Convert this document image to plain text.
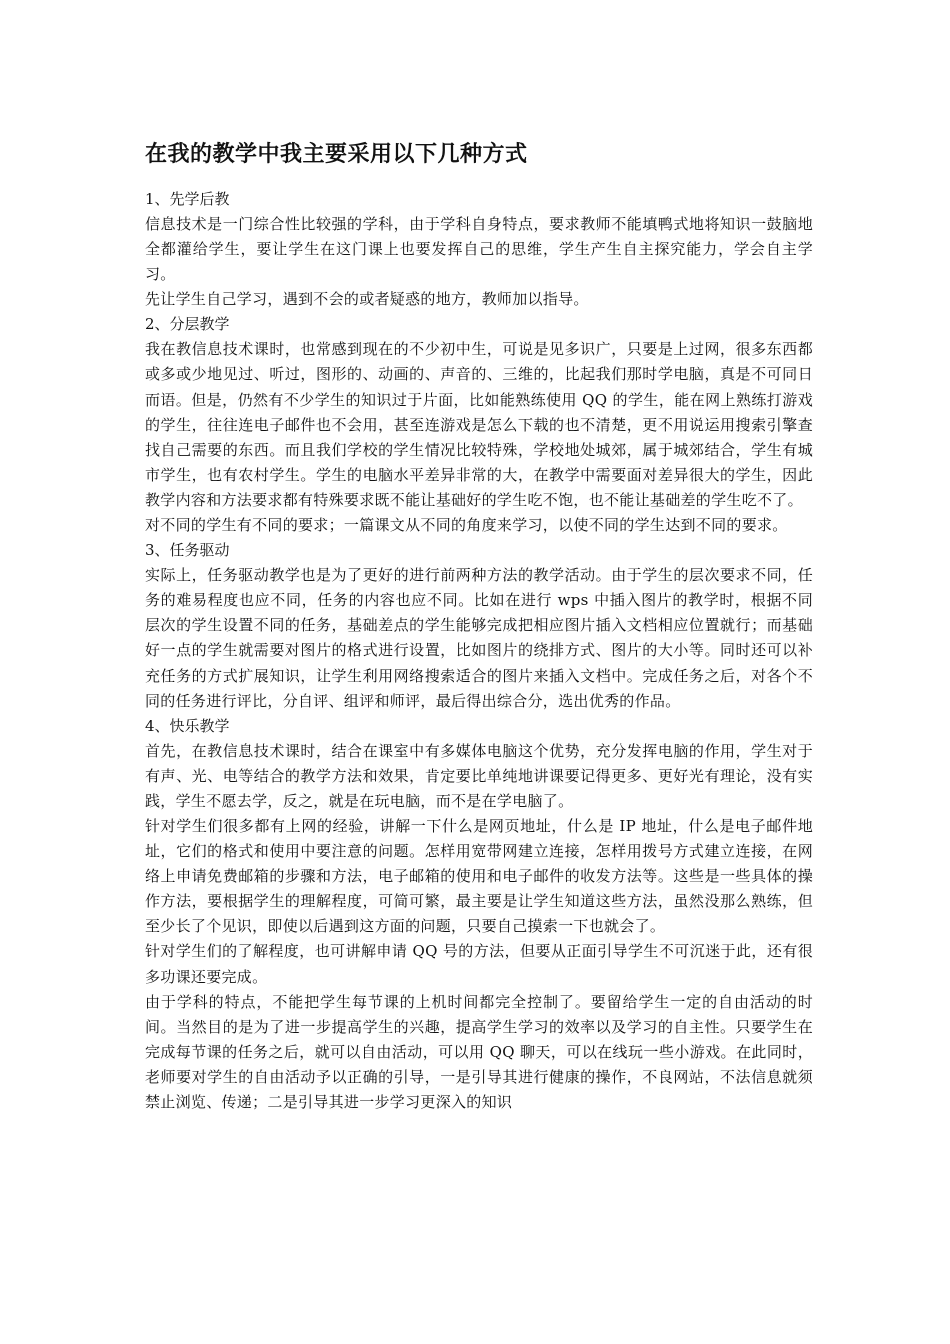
在我的教学中我主要采用以下几种方式

1、先学后教

信息技术是一门综合性比较强的学科，由于学科自身特点，要求教师不能填鸭式地将知识一鼓脑地全都灌给学生，要让学生在这门课上也要发挥自己的思维，学生产生自主探究能力，学会自主学习。

先让学生自己学习，遇到不会的或者疑惑的地方，教师加以指导。

2、分层教学

我在教信息技术课时，也常感到现在的不少初中生，可说是见多识广，只要是上过网，很多东西都或多或少地见过、听过，图形的、动画的、声音的、三维的，比起我们那时学电脑，真是不可同日而语。但是，仍然有不少学生的知识过于片面，比如能熟练使用 QQ 的学生，能在网上熟练打游戏的学生，往往连电子邮件也不会用，甚至连游戏是怎么下载的也不清楚，更不用说运用搜索引擎查找自己需要的东西。而且我们学校的学生情况比较特殊，学校地处城郊，属于城郊结合，学生有城市学生，也有农村学生。学生的电脑水平差异非常的大，在教学中需要面对差异很大的学生，因此教学内容和方法要求都有特殊要求既不能让基础好的学生吃不饱，也不能让基础差的学生吃不了。

对不同的学生有不同的要求；一篇课文从不同的角度来学习，以使不同的学生达到不同的要求。

3、任务驱动

实际上，任务驱动教学也是为了更好的进行前两种方法的教学活动。由于学生的层次要求不同，任务的难易程度也应不同，任务的内容也应不同。比如在进行 wps 中插入图片的教学时，根据不同层次的学生设置不同的任务，基础差点的学生能够完成把相应图片插入文档相应位置就行；而基础好一点的学生就需要对图片的格式进行设置，比如图片的绕排方式、图片的大小等。同时还可以补充任务的方式扩展知识，让学生利用网络搜索适合的图片来插入文档中。完成任务之后，对各个不同的任务进行评比，分自评、组评和师评，最后得出综合分，选出优秀的作品。

4、快乐教学

首先，在教信息技术课时，结合在课室中有多媒体电脑这个优势，充分发挥电脑的作用，学生对于有声、光、电等结合的教学方法和效果，肯定要比单纯地讲课要记得更多、更好光有理论，没有实践，学生不愿去学，反之，就是在玩电脑，而不是在学电脑了。

针对学生们很多都有上网的经验，讲解一下什么是网页地址，什么是 IP 地址，什么是电子邮件地址，它们的格式和使用中要注意的问题。怎样用宽带网建立连接，怎样用拨号方式建立连接，在网络上申请免费邮箱的步骤和方法，电子邮箱的使用和电子邮件的收发方法等。这些是一些具体的操作方法，要根据学生的理解程度，可简可繁，最主要是让学生知道这些方法，虽然没那么熟练，但至少长了个见识，即使以后遇到这方面的问题，只要自己摸索一下也就会了。

针对学生们的了解程度，也可讲解申请 QQ 号的方法，但要从正面引导学生不可沉迷于此，还有很多功课还要完成。

由于学科的特点，不能把学生每节课的上机时间都完全控制了。要留给学生一定的自由活动的时间。当然目的是为了进一步提高学生的兴趣，提高学生学习的效率以及学习的自主性。只要学生在完成每节课的任务之后，就可以自由活动，可以用 QQ 聊天，可以在线玩一些小游戏。在此同时，老师要对学生的自由活动予以正确的引导，一是引导其进行健康的操作，不良网站，不法信息就须禁止浏览、传递；二是引导其进一步学习更深入的知识
